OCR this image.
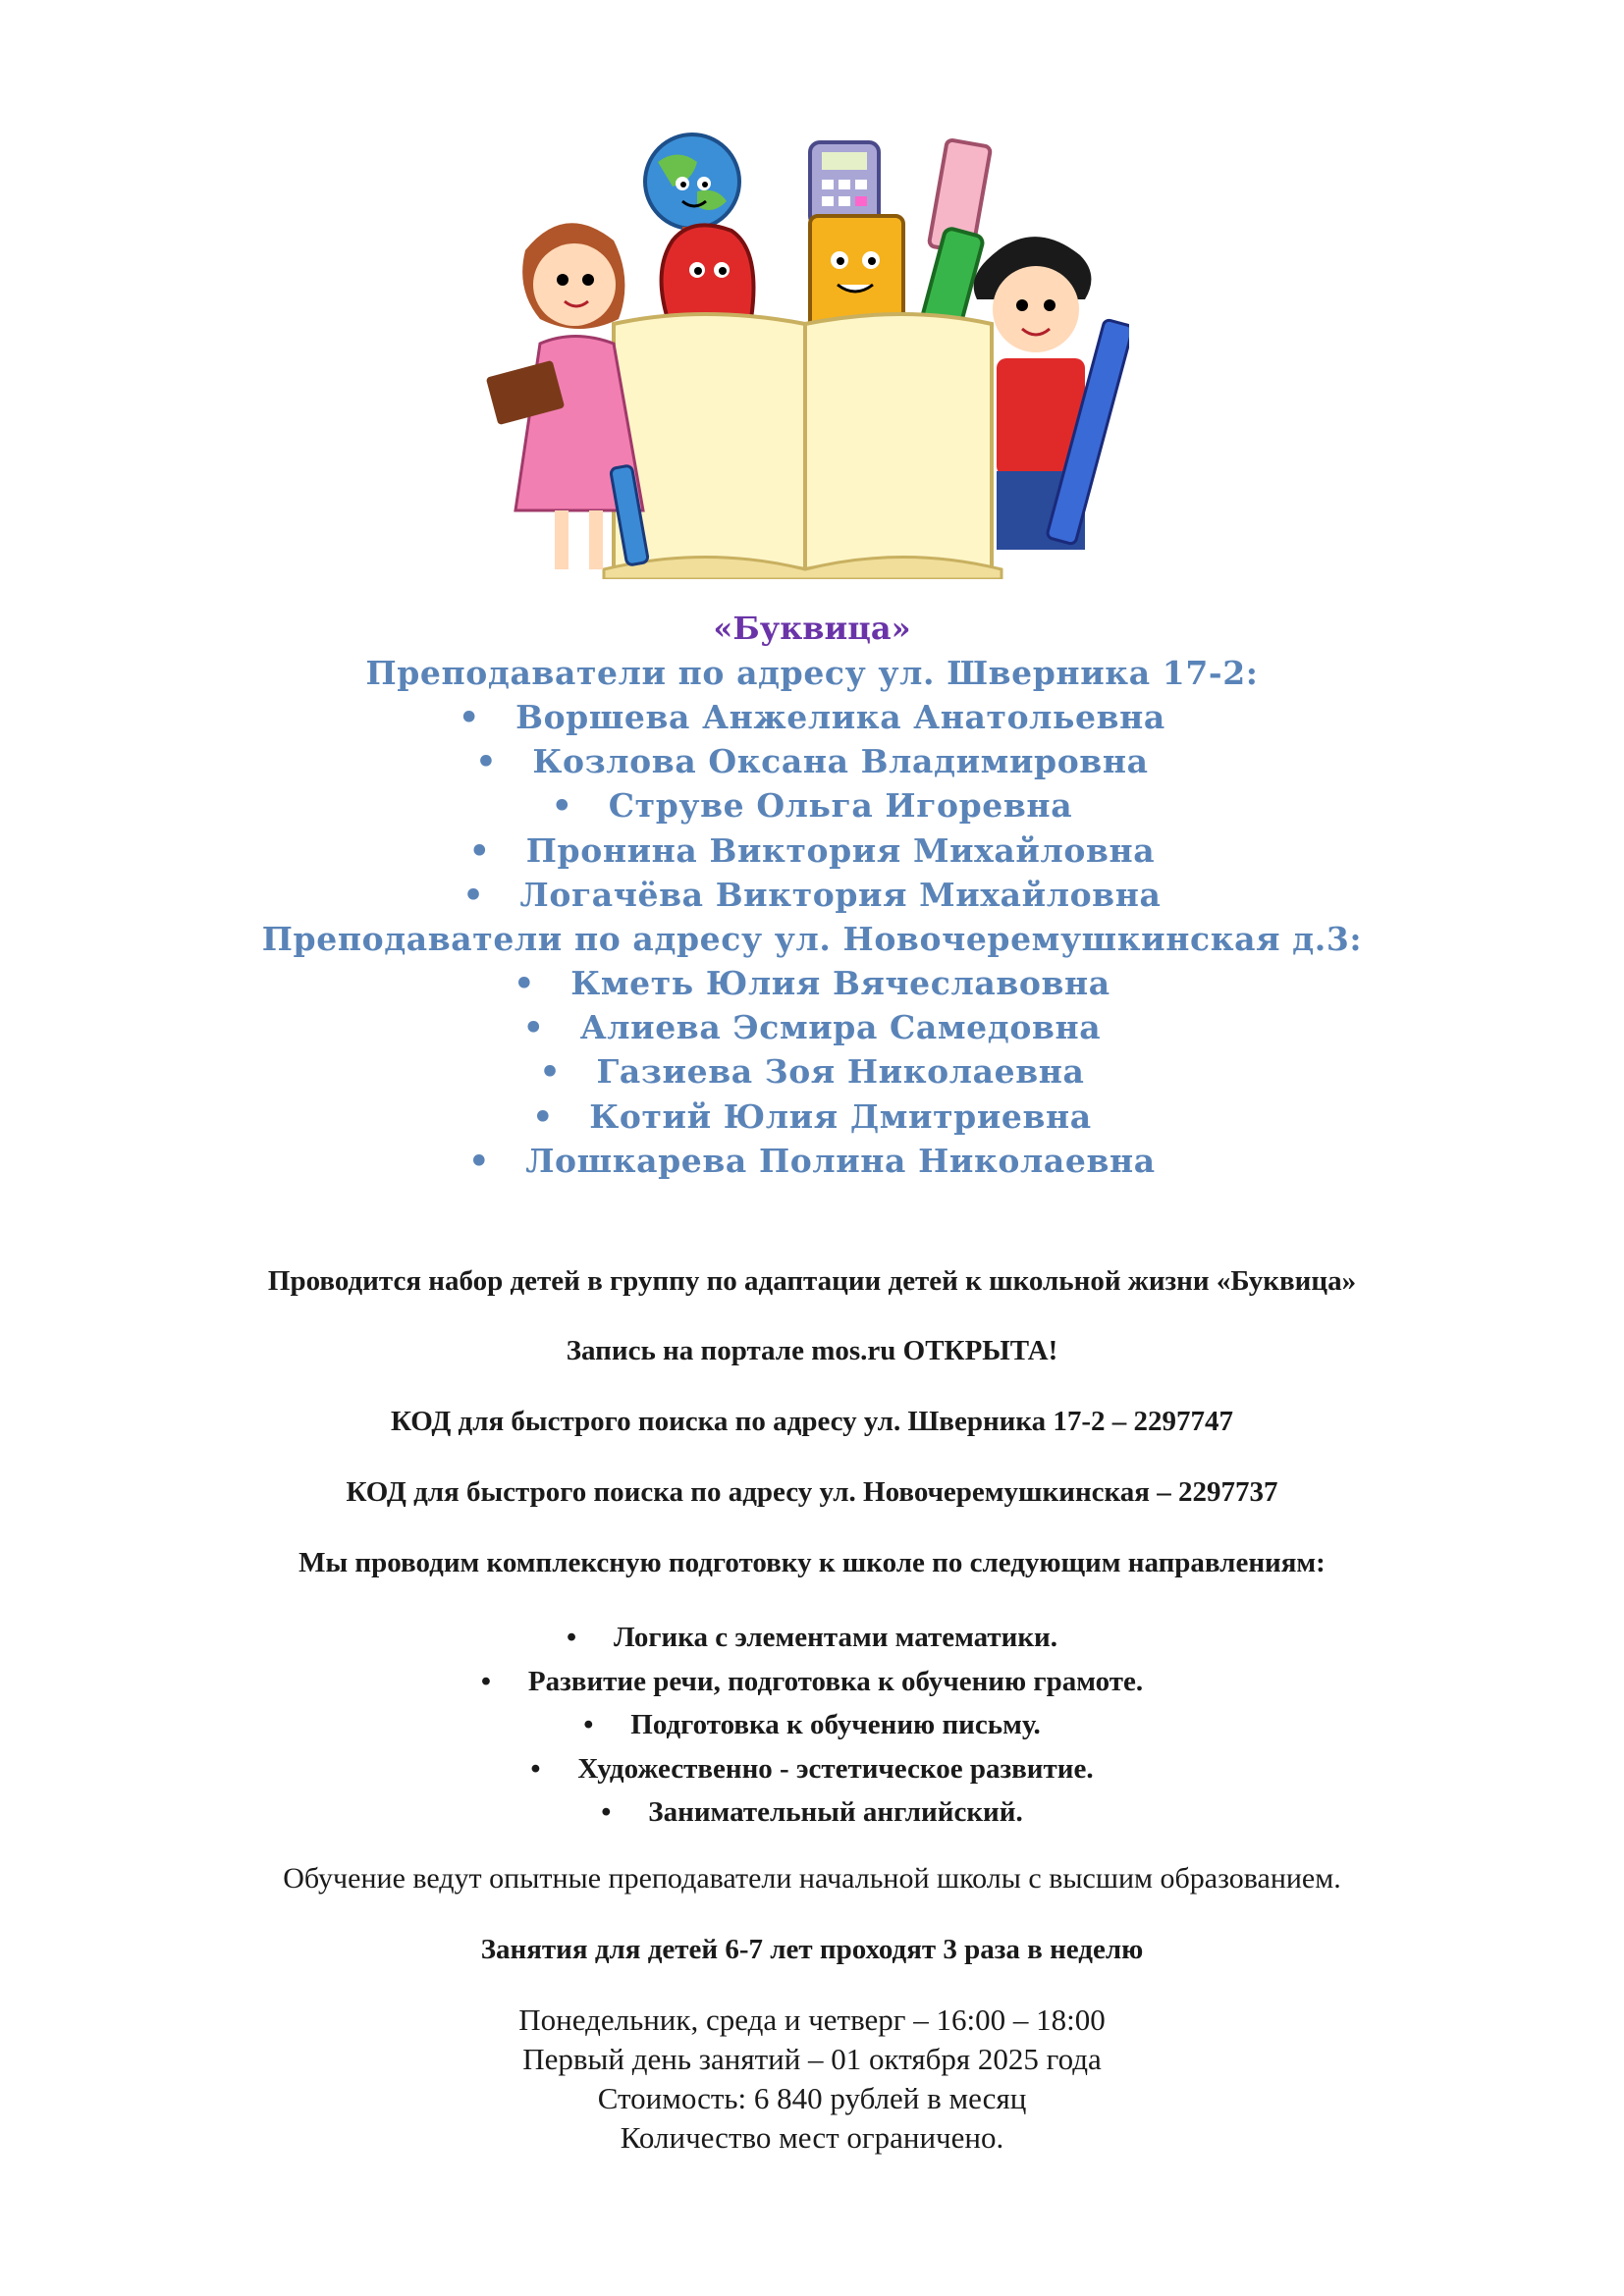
«Буквица»
Преподаватели по адресу ул. Шверника 17-2:
• Воршева Анжелика Анатольевна
• Козлова Оксана Владимировна
• Струве Ольга Игоревна
• Пронина Виктория Михайловна
• Логачёва Виктория Михайловна
Преподаватели по адресу ул. Новочеремушкинская д.3:
• Кметь Юлия Вячеславовна
• Алиева Эсмира Самедовна
• Газиева Зоя Николаевна
• Котий Юлия Дмитриевна
• Лошкарева Полина Николаевна
Проводится набор детей в группу по адаптации детей к школьной жизни «Буквица»
Запись на портале mos.ru ОТКРЫТА!
КОД для быстрого поиска по адресу ул. Шверника 17-2 – 2297747
КОД для быстрого поиска по адресу ул. Новочеремушкинская – 2297737
Мы проводим комплексную подготовку к школе по следующим направлениям:
• Логика с элементами математики.
• Развитие речи, подготовка к обучению грамоте.
• Подготовка к обучению письму.
• Художественно - эстетическое развитие.
• Занимательный английский.
Обучение ведут опытные преподаватели начальной школы с высшим образованием.
Занятия для детей 6-7 лет проходят 3 раза в неделю
Понедельник, среда и четверг – 16:00 – 18:00
Первый день занятий – 01 октября 2025 года
Стоимость: 6 840 рублей в месяц
Количество мест ограничено.
